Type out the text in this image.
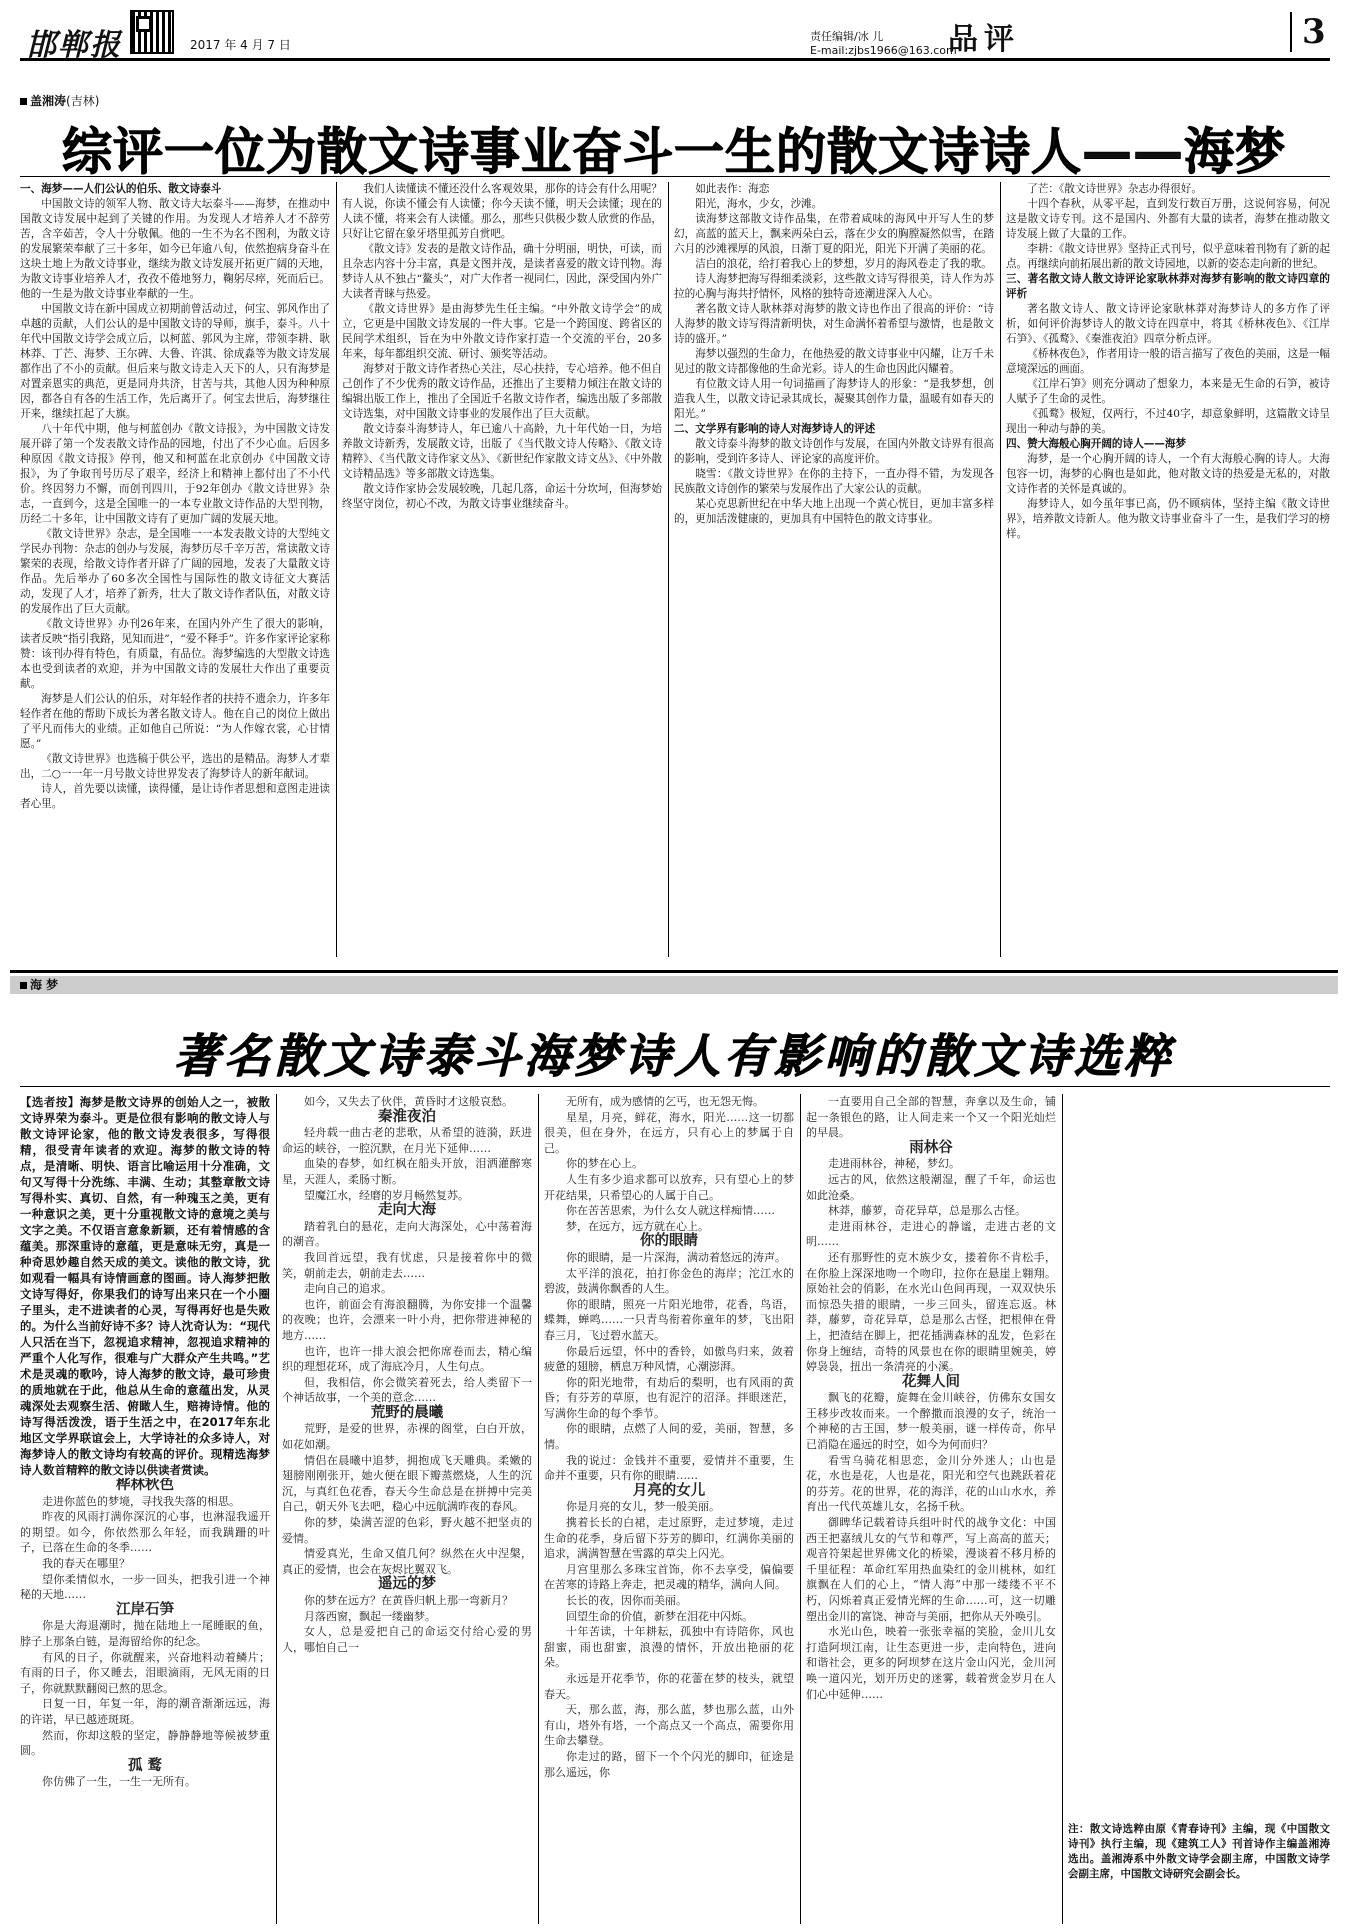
邯郸报	2017 年 4 月 7 日
责任编辑/冰 儿
E-mail:zjbs1966@163.com
品评	3
盖湘涛(吉林)
综评一位为散文诗事业奋斗一生的散文诗诗人——海梦

一、海梦——人们公认的伯乐、散文诗泰斗

中国散文诗的领军人物、散文诗大坛泰斗——海梦，在推动中国散文诗发展中起到了关键的作用。为发现人才培养人才不辞劳苦，含辛茹苦，令人十分敬佩。他的一生不为名不图利，为散文诗的发展繁荣奉献了三十多年，如今已年逾八旬，依然抱病身奋斗在这块土地上为散文诗事业，继续为散文诗发展开拓更广阔的天地，为散文诗事业培养人才，孜孜不倦地努力，鞠躬尽瘁，死而后已。他的一生是为散文诗事业奉献的一生。

中国散文诗在新中国成立初期前曾活动过，何宝、郭风作出了卓越的贡献，人们公认的是中国散文诗的导师，旗手，泰斗。八十年代中国散文诗学会成立后，以柯蓝、郭风为主席，带领李耕、耿林莽、丁芒、海梦、王尔碑、大鲁、许淇、徐成淼等为散文诗发展都作出了不小的贡献。但后来与散文诗走入天下的人，只有海梦是对置亲恩实的典范，更是同舟共济，甘苦与共，其他人因为种种原因，都各自有各的生活工作，先后离开了。何宝去世后，海梦继往开来，继续扛起了大旗。

八十年代中期，他与柯蓝创办《散文诗报》，为中国散文诗发展开辟了第一个发表散文诗作品的园地，付出了不少心血。后因多种原因《散文诗报》停刊，他又和柯蓝在北京创办《中国散文诗报》，为了争取刊号历尽了艰辛，经济上和精神上都付出了不小代价。终因努力不懈，而创刊四川，于92年创办《散文诗世界》杂志，一直到今，这是全国唯一的一本专业散文诗作品的大型刊物，历经二十多年，让中国散文诗有了更加广阔的发展天地。

《散文诗世界》杂志，是全国唯一一本发表散文诗的大型纯文学民办刊物：杂志的创办与发展，海梦历尽千辛万苦，常读散文诗繁荣的表现，给散文诗作者开辟了广阔的园地，发表了大量散文诗作品。先后举办了60多次全国性与国际性的散文诗征文大赛活动，发现了人才，培养了新秀，壮大了散文诗作者队伍，对散文诗的发展作出了巨大贡献。

《散文诗世界》办刊26年来，在国内外产生了很大的影响，读者反映“指引我路，见知而进”，“爱不释手”。许多作家评论家称赞：该刊办得有特色，有质量，有品位。海梦编选的大型散文诗选本也受到读者的欢迎，并为中国散文诗的发展壮大作出了重要贡献。

海梦是人们公认的伯乐，对年轻作者的扶持不遗余力，许多年轻作者在他的帮助下成长为著名散文诗人。他在自己的岗位上做出了平凡而伟大的业绩。正如他自己所说：“为人作嫁衣裳，心甘情愿。”

《散文诗世界》也选稿于供公平，选出的是精品。海梦人才辈出，二○一一年一月号散文诗世界发表了海梦诗人的新年献词。

诗人，首先要以读懂，读得懂，是让诗作者思想和意图走进读者心里。

我们人读懂读不懂还没什么客观效果，那你的诗会有什么用呢？有人说，你读不懂会有人读懂；你今天读不懂，明天会读懂；现在的人读不懂，将来会有人读懂。那么，那些只供极少数人欣赏的作品，只好让它留在象牙塔里孤芳自赏吧。

《散文诗》发表的是散文诗作品，确十分明丽，明快，可读，而且杂志内容十分丰富，真是文图并茂，是读者喜爱的散文诗刊物。海梦诗人从不独占“鳌头”，对广大作者一视同仁，因此，深受国内外广大读者青睐与热爱。

《散文诗世界》是由海梦先生任主编。“中外散文诗学会”的成立，它更是中国散文诗发展的一件大事。它是一个跨国度、跨省区的民间学术组织，旨在为中外散文诗作家打造一个交流的平台，20多年来，每年都组织交流、研讨、颁奖等活动。

海梦对于散文诗作者热心关注，尽心扶持，专心培养。他不但自己创作了不少优秀的散文诗作品，还推出了主要精力倾注在散文诗的编辑出版工作上，推出了全国近千名散文诗作者，编选出版了多部散文诗选集，对中国散文诗事业的发展作出了巨大贡献。

散文诗泰斗海梦诗人，年已逾八十高龄，九十年代始一日，为培养散文诗新秀，发展散文诗，出版了《当代散文诗人传略》、《散文诗精粹》、《当代散文诗作家文丛》、《新世纪作家散文诗文丛》、《中外散文诗精品选》等多部散文诗选集。

散文诗作家协会发展较晚，几起几落，命运十分坎坷，但海梦始终坚守岗位，初心不改，为散文诗事业继续奋斗。

如此表作：海恋

阳光，海水，少女，沙滩。

读海梦这部散文诗作品集，在带着咸味的海风中开写人生的梦幻，高蓝的蓝天上，飘来两朵白云，落在少女的胸膛凝然似雪，在踏六月的沙滩裸厚的风浪，日渐丁夏的阳光，阳光下开满了美丽的花。

洁白的浪花，给打着我心上的梦想，岁月的海风卷走了我的歌。

诗人海梦把海写得细柔淡彩，这些散文诗写得很美，诗人作为苏拉的心胸与海共抒情怀，风格的独特奇迹潮进深入人心。

著名散文诗人耿林莽对海梦的散文诗也作出了很高的评价：“诗人海梦的散文诗写得清新明快，对生命满怀着希望与激情，也是散文诗的盛开。”

海梦以强烈的生命力，在他热爱的散文诗事业中闪耀，让万千未见过的散文诗都像他的生命光彩。诗人的生命也因此闪耀着。

有位散文诗人用一句词描画了海梦诗人的形象：“是我梦想，创造我人生，以散文诗记录其成长，凝聚其创作力量，温暖有如春天的阳光。”

二、文学界有影响的诗人对海梦诗人的评述

散文诗泰斗海梦的散文诗创作与发展，在国内外散文诗界有很高的影响，受到许多诗人、评论家的高度评价。

晓雪：《散文诗世界》在你的主持下，一直办得不错，为发现各民族散文诗创作的繁荣与发展作出了大家公认的贡献。

某心克思新世纪在中华大地上出现一个黄心恍目，更加丰富多样的，更加活泼健康的，更加具有中国特色的散文诗事业。

了芒：《散文诗世界》杂志办得很好。

十四个春秋，从零平起，直到发行数百万册，这说何容易，何况这是散文诗专刊。这不是国内、外都有大量的读者，海梦在推动散文诗发展上做了大量的工作。

李耕：《散文诗世界》坚持正式刊号，似乎意味着刊物有了新的起点。再继续向前拓展出新的散文诗园地，以新的姿态走向新的世纪。

三、著名散文诗人散文诗评论家耿林莽对海梦有影响的散文诗四章的评析

著名散文诗人、散文诗评论家耿林莽对海梦诗人的多方作了评析，如何评价海梦诗人的散文诗在四章中，将其《桥林夜色》、《江岸石笋》、《孤鹜》、《秦淮夜泊》四章分析点评。

《桥林夜色》，作者用诗一般的语言描写了夜色的美丽，这是一幅意境深远的画面。

《江岸石笋》则充分调动了想象力，本来是无生命的石笋，被诗人赋予了生命的灵性。

《孤鹜》极短，仅两行，不过40字，却意象鲜明，这篇散文诗呈现出一种动与静的美。

四、赞大海般心胸开阔的诗人——海梦

海梦，是一个心胸开阔的诗人，一个有大海般心胸的诗人。大海包容一切，海梦的心胸也是如此，他对散文诗的热爱是无私的，对散文诗作者的关怀是真诚的。

海梦诗人，如今虽年事已高，仍不顾病体，坚持主编《散文诗世界》，培养散文诗新人。他为散文诗事业奋斗了一生，是我们学习的榜样。

海 梦
著名散文诗泰斗海梦诗人有影响的散文诗选粹
【选者按】海梦是散文诗界的创始人之一，被散文诗界荣为泰斗。更是位很有影响的散文诗人与散文诗评论家，他的散文诗发表很多，写得很精，很受青年读者的欢迎。海梦的散文诗的特点，是清晰、明快、语言比喻运用十分准确，文句又写得十分洗练、丰满、生动；其整章散文诗写得朴实、真切、自然，有一种瑰玉之美，更有一种意识之美，更十分重视散文诗的意境之美与文字之美。不仅语言意象新颖，还有着情感的含蕴美。那深重诗的意蕴，更是意味无穷，真是一种奇思妙趣自然天成的美文。读他的散文诗，犹如观看一幅具有诗情画意的图画。诗人海梦把散文诗写得好，你果我们的诗写出来只在一个小圈子里头，走不进读者的心灵，写得再好也是失败的。为什么当前好诗不多？诗人沈奇认为：“现代人只活在当下，忽视追求精神，忽视追求精神的严重个人化写作，很难与广大群众产生共鸣。”艺术是灵魂的歌吟，诗人海梦的散文诗，最可珍贵的质地就在于此，他总从生命的意蕴出发，从灵魂深处去观察生活、俯瞰人生，赔祷诗情。他的诗写得活泼泼，语于生活之中，在2017年东北地区文学界联谊会上，大学诗社的众多诗人，对海梦诗人的散文诗均有较高的评价。现精选海梦诗人数首精粹的散文诗以供读者赏读。

桦林秋色

走进你蓝色的梦境，寻找我失落的相思。

昨夜的风雨打满你深沉的心事，也淋湿我遥开的期望。如今，你依然那么年轻，而我蹒跚的叶子，已落在生命的冬季……

我的春天在哪里？

望你柔情似水，一步一回头，把我引进一个神秘的天地……

江岸石笋

你是大海退潮时，抛在陆地上一尾睡眠的鱼，脖子上那条白链，是海留给你的纪念。

有风的日子，你就醒来，兴奋地料动着鳞片；有雨的日子，你又睡去，泪眼滴雨，无风无雨的日子，你就默默翻阅已熬的思念。

日复一日，年复一年，海的潮音渐渐远远，海的许诺，早已越迹斑斑。

然而，你却这般的坚定，静静静地等候被梦重圆。

孤 鹜

你仿佛了一生，一生一无所有。

如今，又失去了伙伴，黄昏时才这般哀愁。

秦淮夜泊

轻舟载一曲古老的悲歌，从希望的涟漪，跃进命运的峡谷，一腔沉默，在月光下延伸……

血染的春梦，如红枫在船头开放，泪洒灌醉寒星，天涯人，柔肠寸断。

望魔江水，经磨的岁月畅然复苏。

走向大海

踏着乳白的悬花，走向大海深处，心中荡着海的潮音。

我回首远望，我有忧虑，只是接着你中的微笑，朝前走去，朝前走去……

走向自己的追求。

也许，前面会有海浪翻腾，为你安排一个温馨的夜晚；也许，会漂来一叶小舟，把你带进神秘的地方……

也许，也许一排大浪会把你席卷而去，精心编织的理想花环，成了海底冷月，人生句点。

但，我相信，你会微笑着死去，给人类留下一个神话故事，一个美的意念……

荒野的晨曦

荒野，是爱的世界，赤裸的阁堂，白白开放，如花如潮。

情侣在晨曦中追梦，拥抱成飞天雕典。柔嫩的翅膀刚刚张开，她火便在眼下瓣蒸燃烧，人生的沉沉，与真红色花香，春天今生命总是在拼搏中完美自己，朝天外飞去吧，稳心中远航满昨夜的春风。

你的梦，染满苦涩的色彩，野火越不把坚贞的爱情。

情爱真光，生命又值几何？纵然在火中涅槃，真正的爱情，也会在灰烬比翼双飞。

遥远的梦

你的梦在远方？在黄昏归帆上那一弯新月？

月落西窗，飘起一缕幽梦。

女人，总是爱把自己的命运交付给心爱的男人，哪怕自己一

无所有，成为感情的乞丐，也无怨无悔。

星星，月亮，鲜花，海水，阳光……这一切都很美，但在身外，在远方，只有心上的梦属于自己。

你的梦在心上。

人生有多少追求都可以放弃，只有望心上的梦开花结果，只希望心的人属于自己。

你在苦苦思索，为什么女人就这样痴情……

梦，在远方，远方就在心上。

你的眼睛

你的眼睛，是一片深海，满动着悠远的涛声。

太平洋的浪花，拍打你金色的海岸；沱江水的碧波，鼓满你飘香的人生。

你的眼睛，照亮一片阳光地带，花香，鸟语，蝶舞，蝉鸣……一只青鸟衔着你童年的梦，飞出阳春三月，飞过碧水蓝天。

你最后远望，怀中的香铃，如傲鸟归来，敛着疲惫的翅膀，栖息万种风情，心潮澎湃。

你的阳光地带，有劫后的梨明，也有风雨的黄昏；有芬芳的草原，也有泥泞的沼泽。拌眼迷茫，写满你生命的每个季节。

你的眼睛，点燃了人间的爱，美丽，智慧，多情。

我的说过：金钱并不重要，爱情并不重要，生命并不重要，只有你的眼睛……

月亮的女儿

你是月亮的女儿，梦一般美丽。

携着长长的白裙，走过原野，走过梦境，走过生命的花季，身后留下芬芳的脚印，红满你美丽的追求，满满智慧在雪露的草尖上闪光。

月宫里那么多珠宝首饰，你不去享受，偏偏要在苦寒的诗路上奔走，把灵魂的精华，满向人间。

长长的夜，因你而美丽。

回望生命的价值，新梦在泪花中闪烁。

十年苦读，十年耕耘，孤独中有诗陪你，风也甜蜜，雨也甜蜜，浪漫的情怀，开放出艳丽的花朵。

永远是开花季节，你的花蕾在梦的枝头，就望春天。

天，那么蓝，海，那么蓝，梦也那么蓝，山外有山，塔外有塔，一个高点又一个高点，需要你用生命去攀登。

你走过的路，留下一个个闪光的脚印，征途是那么遥远，你

一直要用自己全部的智慧，奔拿以及生命，铺起一条银色的路，让人间走来一个又一个阳光灿烂的早晨。

雨林谷

走进雨林谷，神秘，梦幻。

远古的风，依然这般潮湿，醒了千年，命运也如此沧桑。

林莽，藤萝，奇花异草，总是那么古怪。

走进雨林谷，走进心的静谧，走进古老的文明……

还有那野性的克木族少女，搂着你不肯松手，在你脸上深深地吻一个吻印，拉你在悬崖上翱翔。原始社会的俏影，在水光山色间再现，一双双快乐而惊恐失措的眼睛，一步三回头，留连忘返。林莽，藤萝，奇花异草，总是那么古怪，把根伸在骨上，把渣结在脚上，把花插满森林的乱发，色彩在你身上缠结，奇特的风景也在你的眼睛里婉美，婷婷袅袅，扭出一条清亮的小溪。

花舞人间

飘飞的花瓣，旋舞在金川峡谷，仿佛东女国女王移步改妆而来。一个醉撒而浪漫的女子，统治一个神秘的古王国，梦一般美丽，谜一样传奇，你早已消隐在遥远的时空，如今为何而归？

看雪乌骑花相思恋，金川分外迷人；山也是花，水也是花，人也是花，阳光和空气也跳跃着花的芬芳。花的世界，花的海洋，花的山山水水，养育出一代代英雄儿女，名扬千秋。

御睥华记载着诗兵组叶时代的战争文化：中国西王把嘉绒儿女的气节和尊严，写上高高的蓝天；观音符架起世界佛文化的桥梁，漫谈着不移月桥的千里征程：革命红军用热血染红的金川桃林，如红旗飘在人们的心上，“情人海”中那一缕缕不平不朽，闪烁着真正爱情光辉的生命……可，这一切雕塑出金川的富饶、神奇与美丽，把你从天外唤引。

水光山色，映着一张张幸福的笑脸，金川儿女打造阿坝江南，让生态更进一步，走向特色，进向和谐社会，更多的阿坝梦在这片金山闪光，金川河唤一道闪光，划开历史的迷雾，载着赏金岁月在人们心中延伸……

注：散文诗选粹由原《青春诗刊》主编，现《中国散文诗刊》执行主编，现《建筑工人》刊首诗作主编盖湘涛选出。盖湘涛系中外散文诗学会副主席，中国散文诗学会副主席，中国散文诗研究会副会长。
